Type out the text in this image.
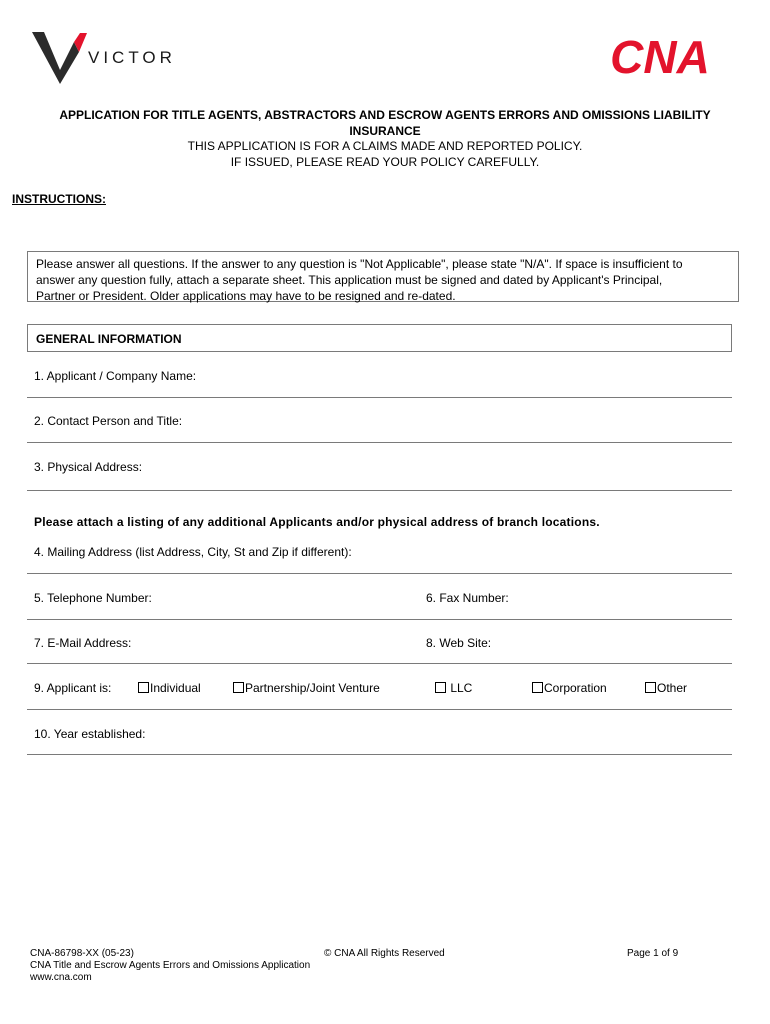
VICTOR	CNA
APPLICATION FOR TITLE AGENTS, ABSTRACTORS AND ESCROW AGENTS ERRORS AND OMISSIONS LIABILITY
INSURANCE
THIS APPLICATION IS FOR A CLAIMS MADE AND REPORTED POLICY.
IF ISSUED, PLEASE READ YOUR POLICY CAREFULLY.
INSTRUCTIONS:
Please answer all questions. If the answer to any question is "Not Applicable", please state "N/A". If space is insufficient to
answer any question fully, attach a separate sheet. This application must be signed and dated by Applicant's Principal,
Partner or President. Older applications may have to be resigned and re-dated.
GENERAL INFORMATION
1. Applicant / Company Name:
2. Contact Person and Title:
3. Physical Address:
Please attach a listing of any additional Applicants and/or physical address of branch locations.
4. Mailing Address (list Address, City, St and Zip if different):
5. Telephone Number:	6. Fax Number:
7. E-Mail Address:	8. Web Site:
9. Applicant is:	Individual	Partnership/Joint Venture	LLC	Corporation	Other
10. Year established:
CNA-86798-XX (05-23)
CNA Title and Escrow Agents Errors and Omissions Application
www.cna.com
© CNA All Rights Reserved	Page 1 of 9
